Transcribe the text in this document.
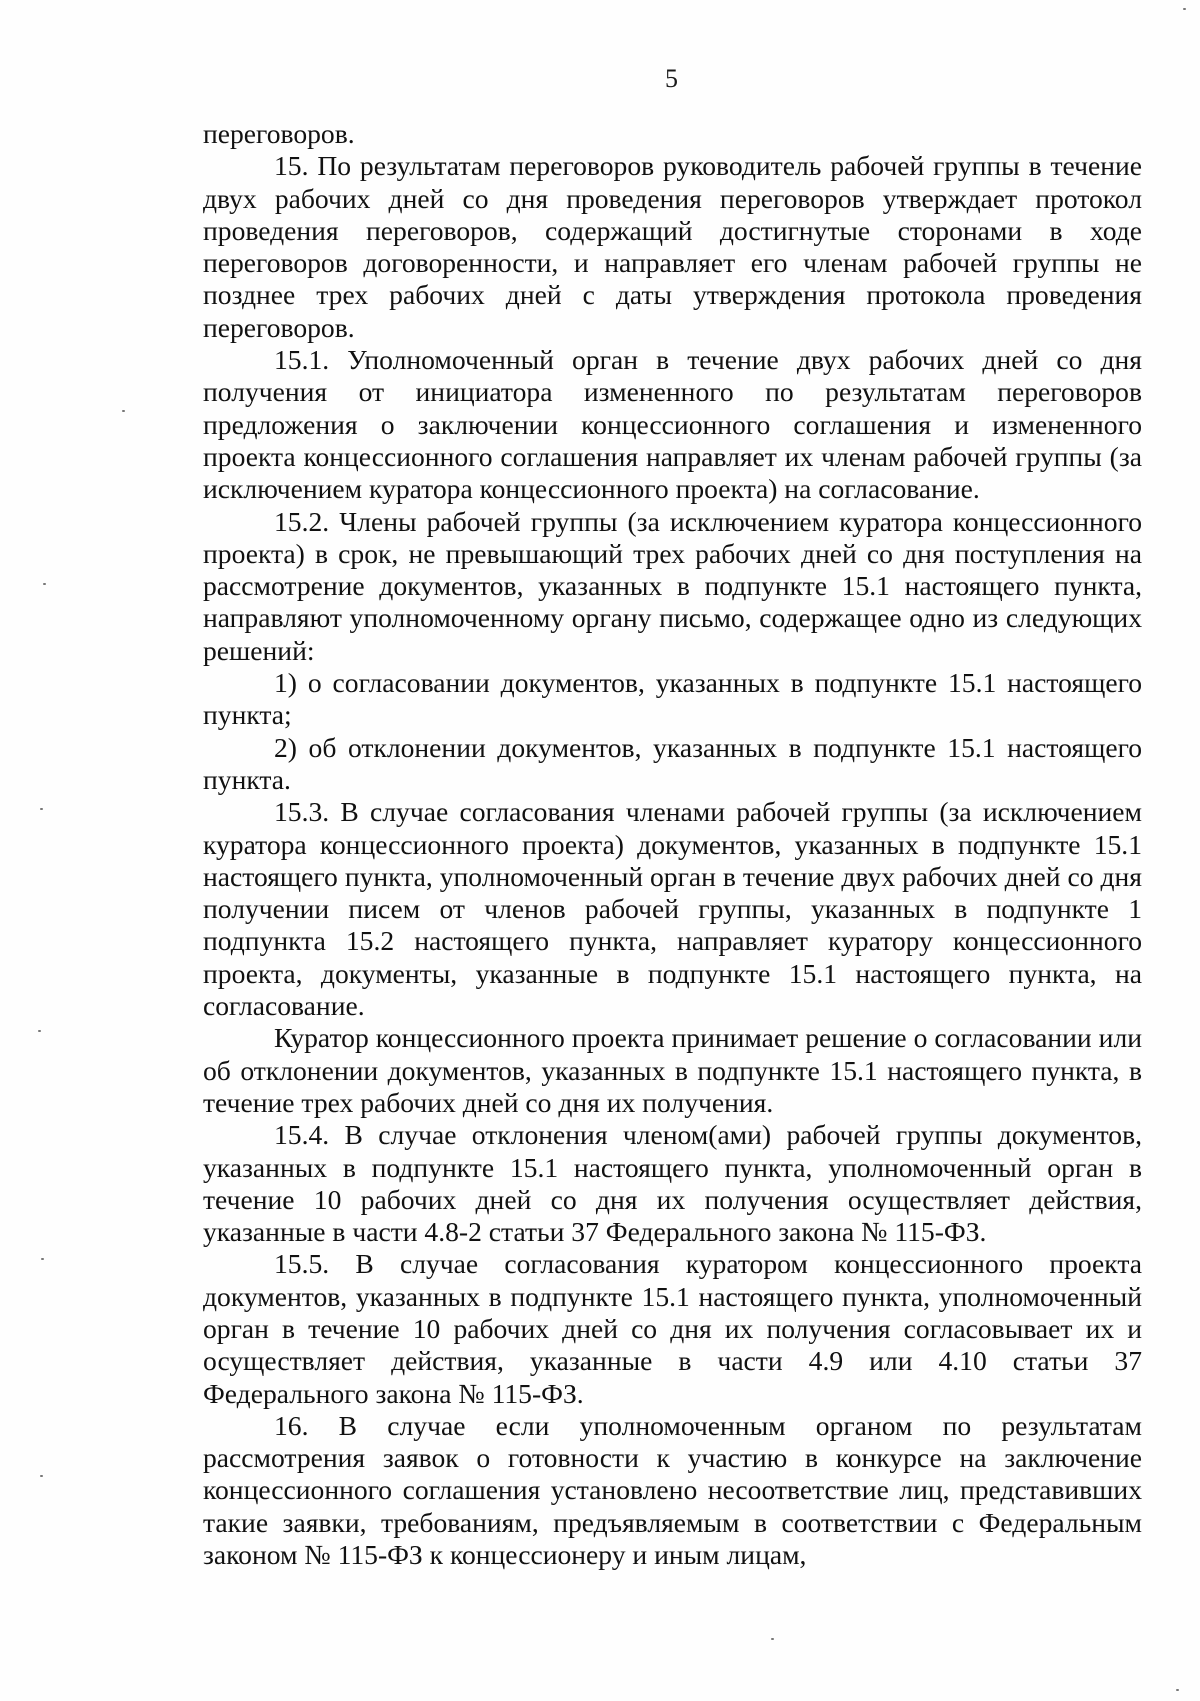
5

переговоров.

15. По результатам переговоров руководитель рабочей группы в течение двух рабочих дней со дня проведения переговоров утверждает протокол проведения переговоров, содержащий достигнутые сторонами в ходе переговоров договоренности, и направляет его членам рабочей группы не позднее трех рабочих дней с даты утверждения протокола проведения переговоров.

15.1. Уполномоченный орган в течение двух рабочих дней со дня получения от инициатора измененного по результатам переговоров предложения о заключении концессионного соглашения и измененного проекта концессионного соглашения направляет их членам рабочей группы (за исключением куратора концессионного проекта) на согласование.

15.2. Члены рабочей группы (за исключением куратора концессионного проекта) в срок, не превышающий трех рабочих дней со дня поступления на рассмотрение документов, указанных в подпункте 15.1 настоящего пункта, направляют уполномоченному органу письмо, содержащее одно из следующих решений:

1) о согласовании документов, указанных в подпункте 15.1 настоящего пункта;

2) об отклонении документов, указанных в подпункте 15.1 настоящего пункта.

15.3. В случае согласования членами рабочей группы (за исключением куратора концессионного проекта) документов, указанных в подпункте 15.1 настоящего пункта, уполномоченный орган в течение двух рабочих дней со дня получении писем от членов рабочей группы, указанных в подпункте 1 подпункта 15.2 настоящего пункта, направляет куратору концессионного проекта, документы, указанные в подпункте 15.1 настоящего пункта, на согласование.

Куратор концессионного проекта принимает решение о согласовании или об отклонении документов, указанных в подпункте 15.1 настоящего пункта, в течение трех рабочих дней со дня их получения.

15.4. В случае отклонения членом(ами) рабочей группы документов, указанных в подпункте 15.1 настоящего пункта, уполномоченный орган в течение 10 рабочих дней со дня их получения осуществляет действия, указанные в части 4.8-2 статьи 37 Федерального закона № 115-ФЗ.

15.5. В случае согласования куратором концессионного проекта документов, указанных в подпункте 15.1 настоящего пункта, уполномоченный орган в течение 10 рабочих дней со дня их получения согласовывает их и осуществляет действия, указанные в части 4.9 или 4.10 статьи 37 Федерального закона № 115-ФЗ.

16. В случае если уполномоченным органом по результатам рассмотрения заявок о готовности к участию в конкурсе на заключение концессионного соглашения установлено несоответствие лиц, представивших такие заявки, требованиям, предъявляемым в соответствии с Федеральным законом № 115-ФЗ к концессионеру и иным лицам,
